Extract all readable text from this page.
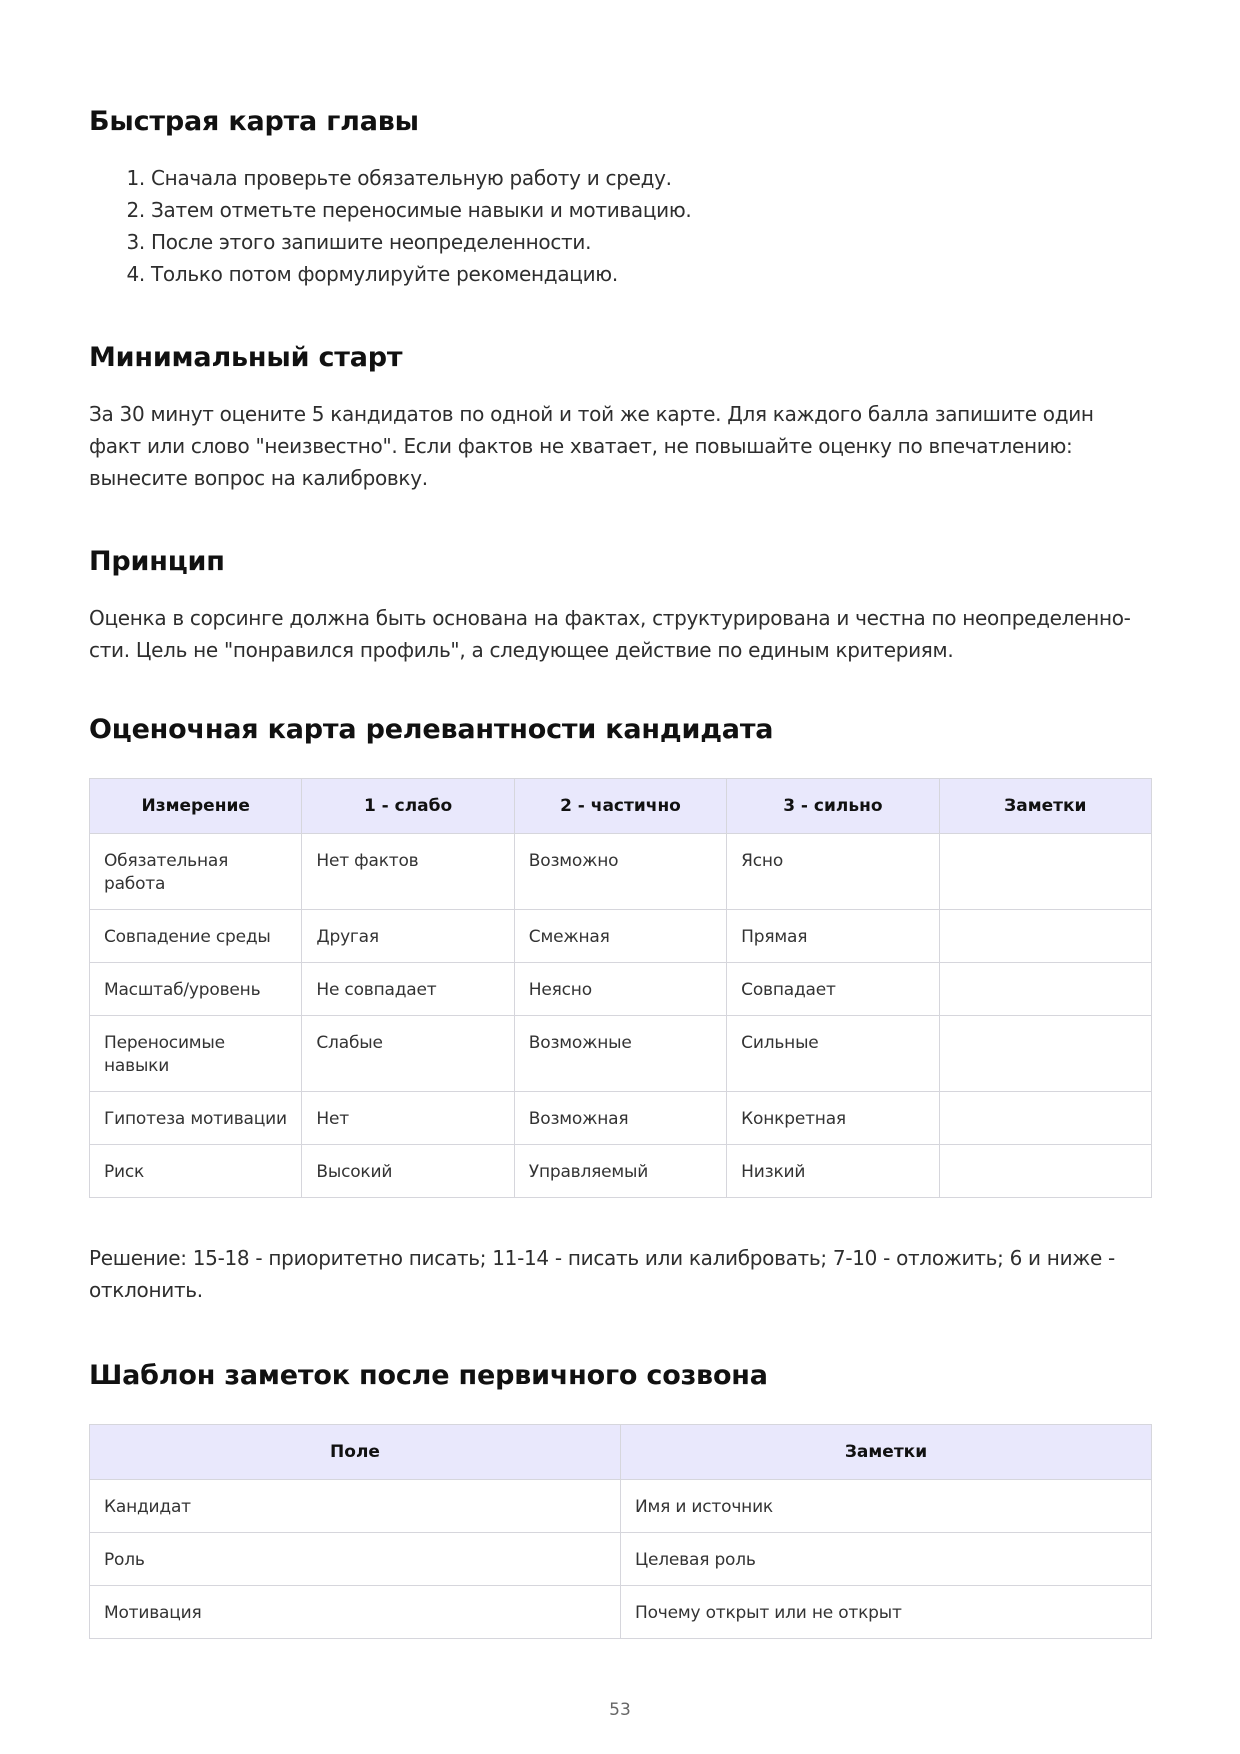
Быстрая карта главы
1. Сначала проверьте обязательную работу и среду.
2. Затем отметьте переносимые навыки и мотивацию.
3. После этого запишите неопределенности.
4. Только потом формулируйте рекомендацию.
Минимальный старт

За 30 минут оцените 5 кандидатов по одной и той же карте. Для каждого балла запишите один факт или слово "неизвестно". Если фактов не хватает, не повышайте оценку по впечатлению: вынесите вопрос на калибровку.

Принцип

Оценка в сорсинге должна быть основана на фактах, структурирована и честна по неопределенности. Цель не "понравился профиль", а следующее действие по единым критериям.

Оценочная карта релевантности кандидата
Измерение	1 - слабо	2 - частично	3 - сильно	Заметки
Обязательная работа	Нет фактов	Возможно	Ясно	
Совпадение среды	Другая	Смежная	Прямая	
Масштаб/уровень	Не совпадает	Неясно	Совпадает	
Переносимые навыки	Слабые	Возможные	Сильные	
Гипотеза мотивации	Нет	Возможная	Конкретная	
Риск	Высокий	Управляемый	Низкий	

Решение: 15-18 - приоритетно писать; 11-14 - писать или калибровать; 7-10 - отложить; 6 и ниже - отклонить.

Шаблон заметок после первичного созвона
Поле	Заметки
Кандидат	Имя и источник
Роль	Целевая роль
Мотивация	Почему открыт или не открыт
53
